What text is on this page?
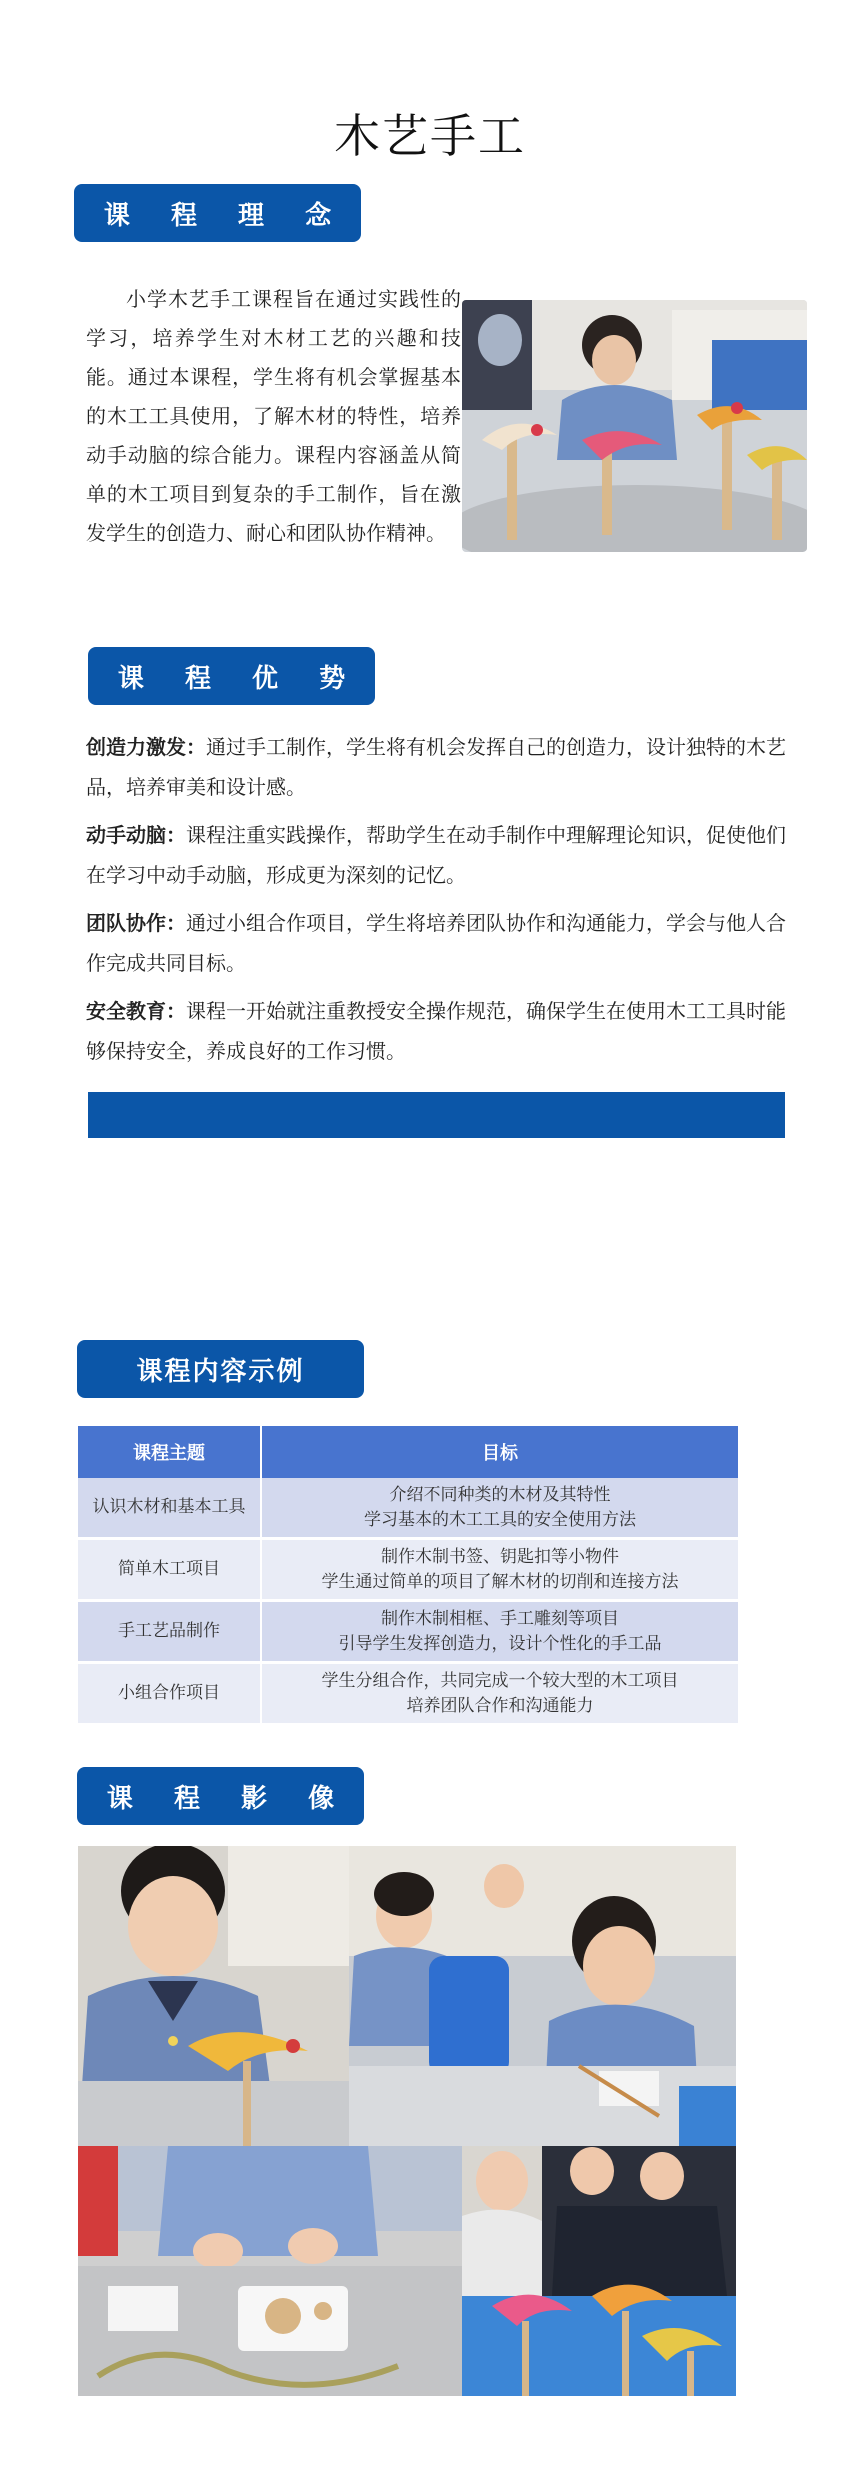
木艺手工
课 程 理 念
小学木艺手工课程旨在通过实践性的学习，培养学生对木材工艺的兴趣和技能。通过本课程，学生将有机会掌握基本的木工工具使用，了解木材的特性，培养动手动脑的综合能力。课程内容涵盖从简单的木工项目到复杂的手工制作，旨在激发学生的创造力、耐心和团队协作精神。
课 程 优 势

创造力激发：通过手工制作，学生将有机会发挥自己的创造力，设计独特的木艺品，培养审美和设计感。

动手动脑：课程注重实践操作，帮助学生在动手制作中理解理论知识，促使他们在学习中动手动脑，形成更为深刻的记忆。

团队协作：通过小组合作项目，学生将培养团队协作和沟通能力，学会与他人合作完成共同目标。

安全教育：课程一开始就注重教授安全操作规范，确保学生在使用木工工具时能够保持安全，养成良好的工作习惯。

课程内容示例
课程主题	目标
认识木材和基本工具	介绍不同种类的木材及其特性
学习基本的木工工具的安全使用方法

简单木工项目	制作木制书签、钥匙扣等小物件
学生通过简单的项目了解木材的切削和连接方法

手工艺品制作	制作木制相框、手工雕刻等项目
引导学生发挥创造力，设计个性化的手工品

小组合作项目	学生分组合作，共同完成一个较大型的木工项目
培养团队合作和沟通能力
课 程 影 像
